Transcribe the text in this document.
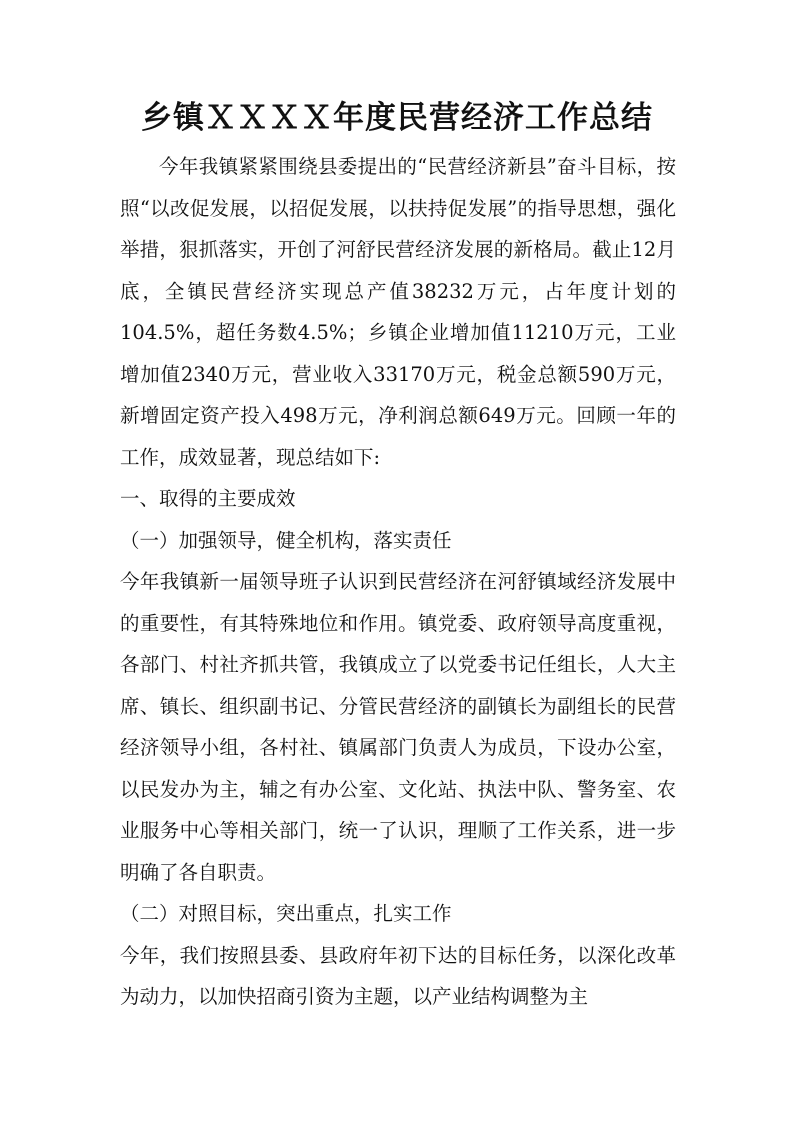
乡镇ＸＸＸＸ年度民营经济工作总结

今年我镇紧紧围绕县委提出的“民营经济新县”奋斗目标，按照“以改促发展，以招促发展，以扶持促发展”的指导思想，强化举措，狠抓落实，开创了河舒民营经济发展的新格局。截止12月底，全镇民营经济实现总产值38232万元，占年度计划的104.5%，超任务数4.5%；乡镇企业增加值11210万元，工业增加值2340万元，营业收入33170万元，税金总额590万元，新增固定资产投入498万元，净利润总额649万元。回顾一年的工作，成效显著，现总结如下:

一、取得的主要成效

（一）加强领导，健全机构，落实责任

今年我镇新一届领导班子认识到民营经济在河舒镇域经济发展中的重要性，有其特殊地位和作用。镇党委、政府领导高度重视，各部门、村社齐抓共管，我镇成立了以党委书记任组长，人大主席、镇长、组织副书记、分管民营经济的副镇长为副组长的民营经济领导小组，各村社、镇属部门负责人为成员，下设办公室，以民发办为主，辅之有办公室、文化站、执法中队、警务室、农业服务中心等相关部门，统一了认识，理顺了工作关系，进一步明确了各自职责。

（二）对照目标，突出重点，扎实工作

今年，我们按照县委、县政府年初下达的目标任务，以深化改革为动力，以加快招商引资为主题，以产业结构调整为主
